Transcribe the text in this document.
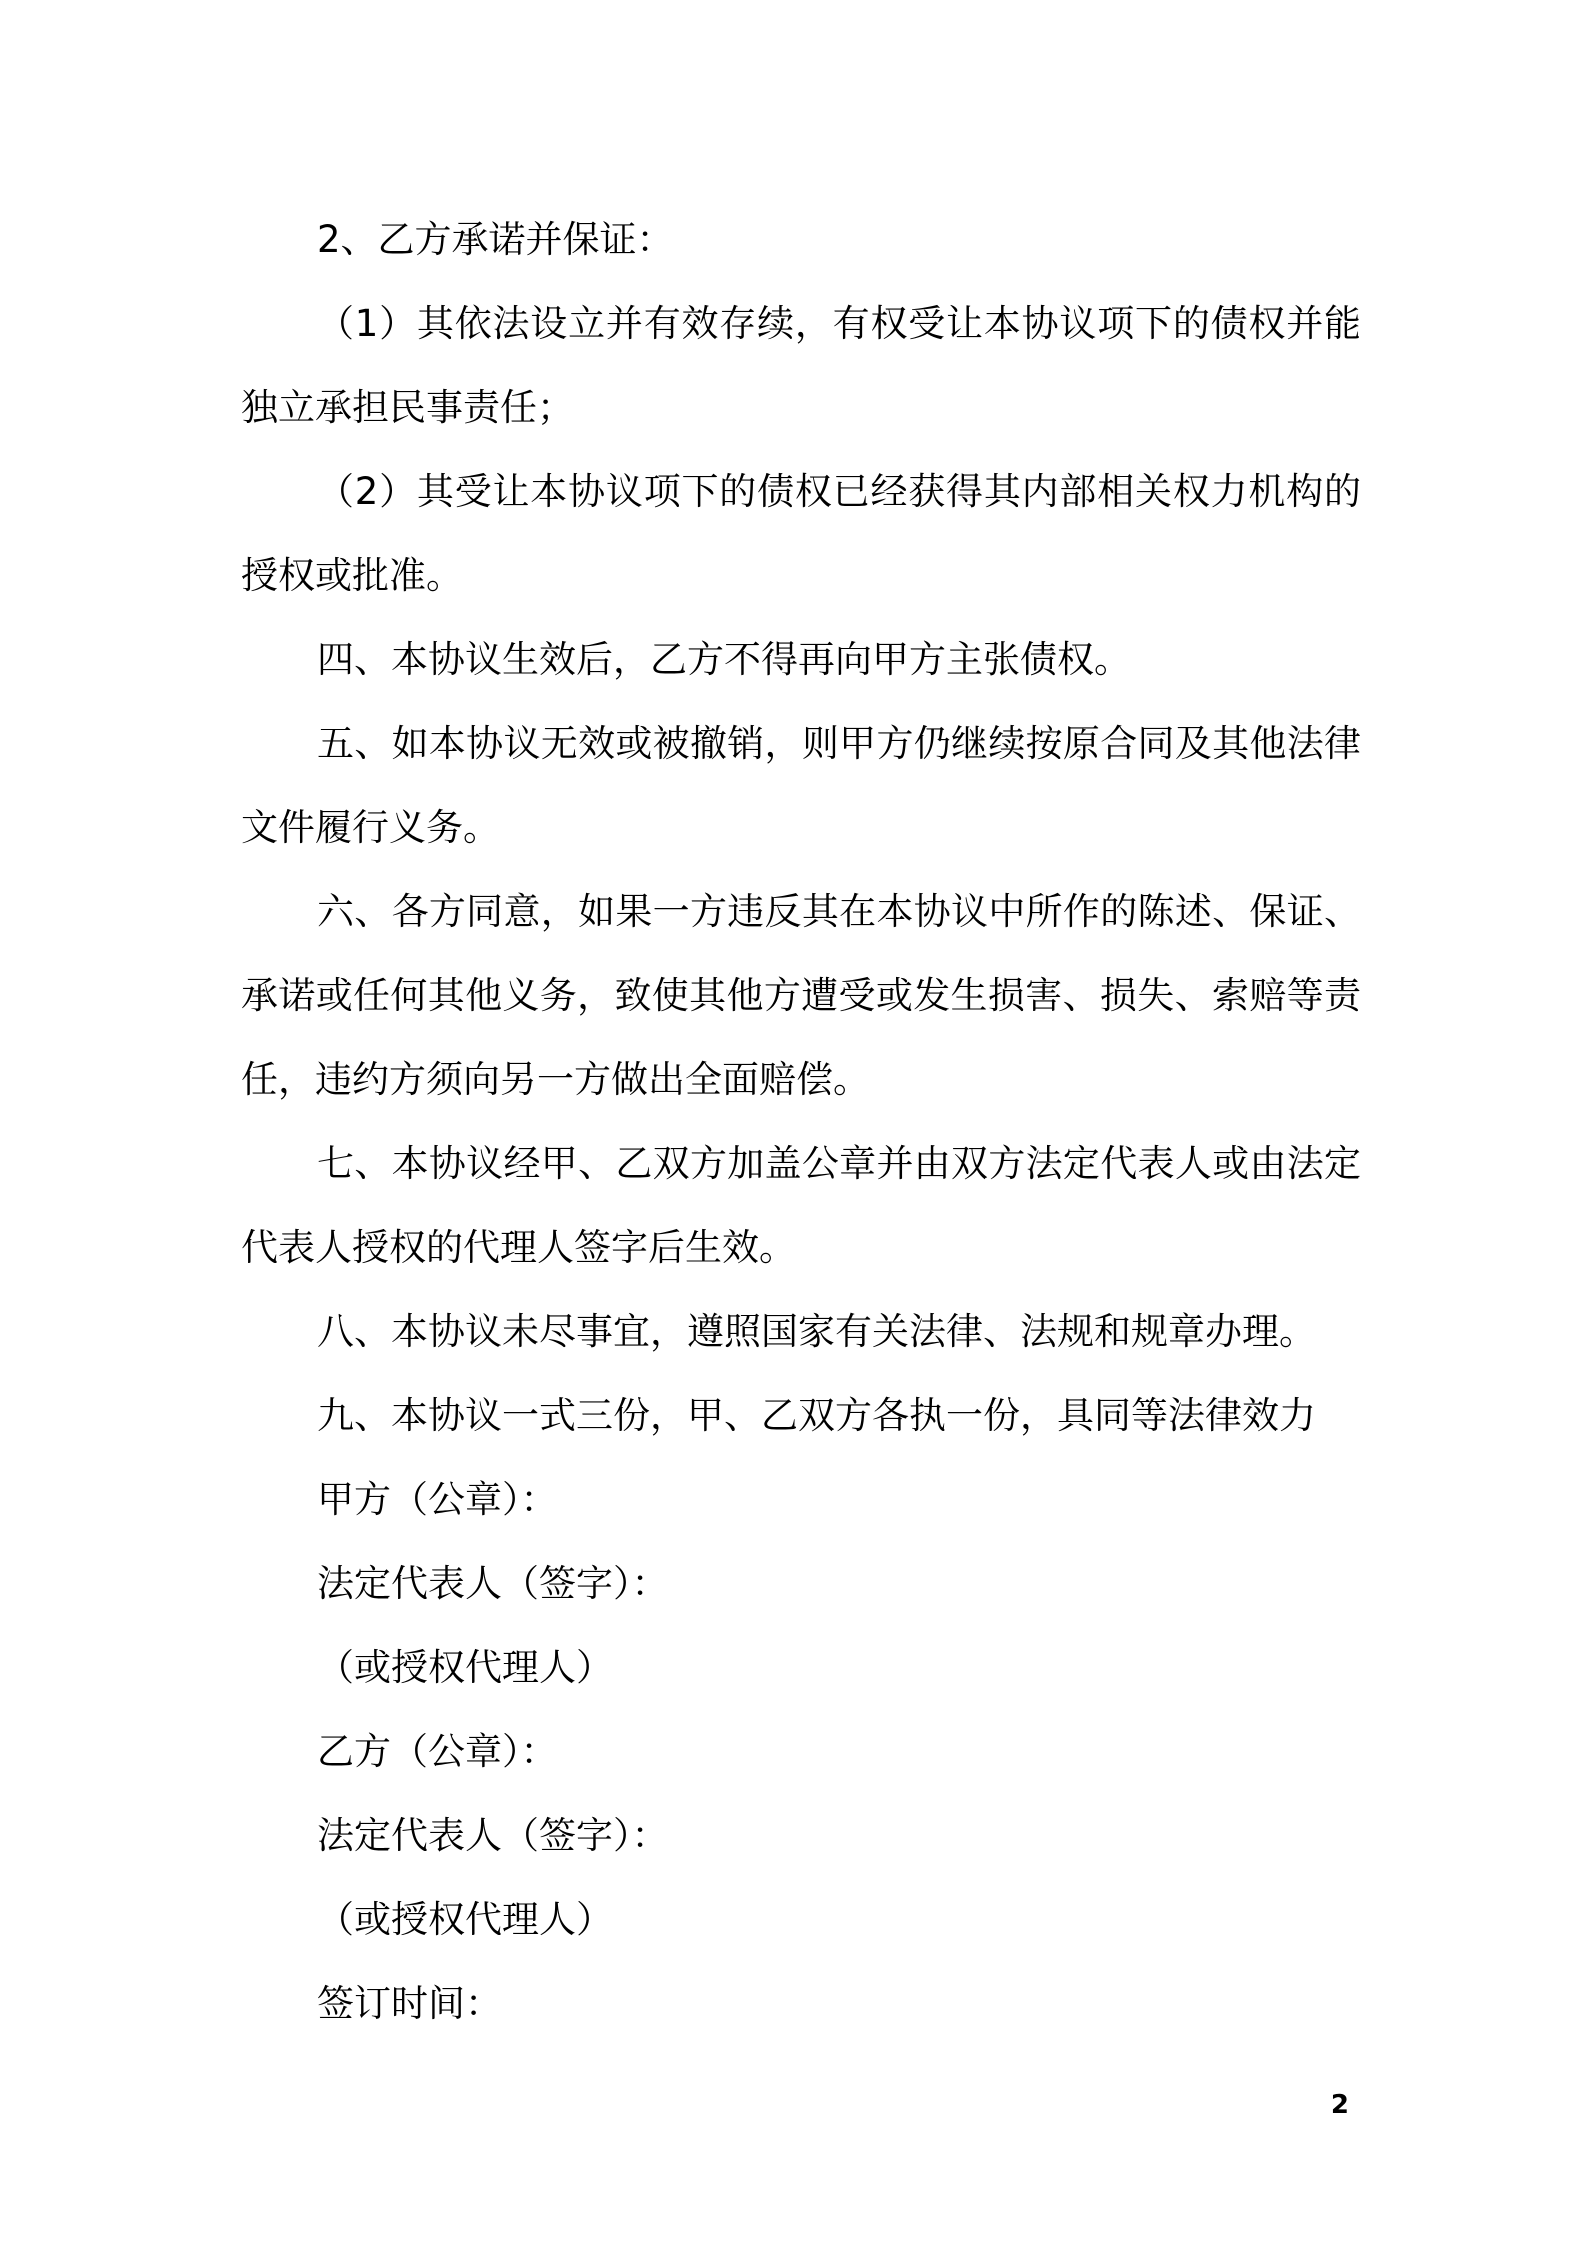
2、乙方承诺并保证：

（1）其依法设立并有效存续，有权受让本协议项下的债权并能独立承担民事责任；

（2）其受让本协议项下的债权已经获得其内部相关权力机构的授权或批准。

四、本协议生效后，乙方不得再向甲方主张债权。

五、如本协议无效或被撤销，则甲方仍继续按原合同及其他法律文件履行义务。

六、各方同意，如果一方违反其在本协议中所作的陈述、保证、承诺或任何其他义务，致使其他方遭受或发生损害、损失、索赔等责任，违约方须向另一方做出全面赔偿。

七、本协议经甲、乙双方加盖公章并由双方法定代表人或由法定代表人授权的代理人签字后生效。

八、本协议未尽事宜，遵照国家有关法律、法规和规章办理。

九、本协议一式三份，甲、乙双方各执一份，具同等法律效力

甲方（公章）：

法定代表人（签字）：

（或授权代理人）

乙方（公章）：

法定代表人（签字）：

（或授权代理人）

签订时间：

2
